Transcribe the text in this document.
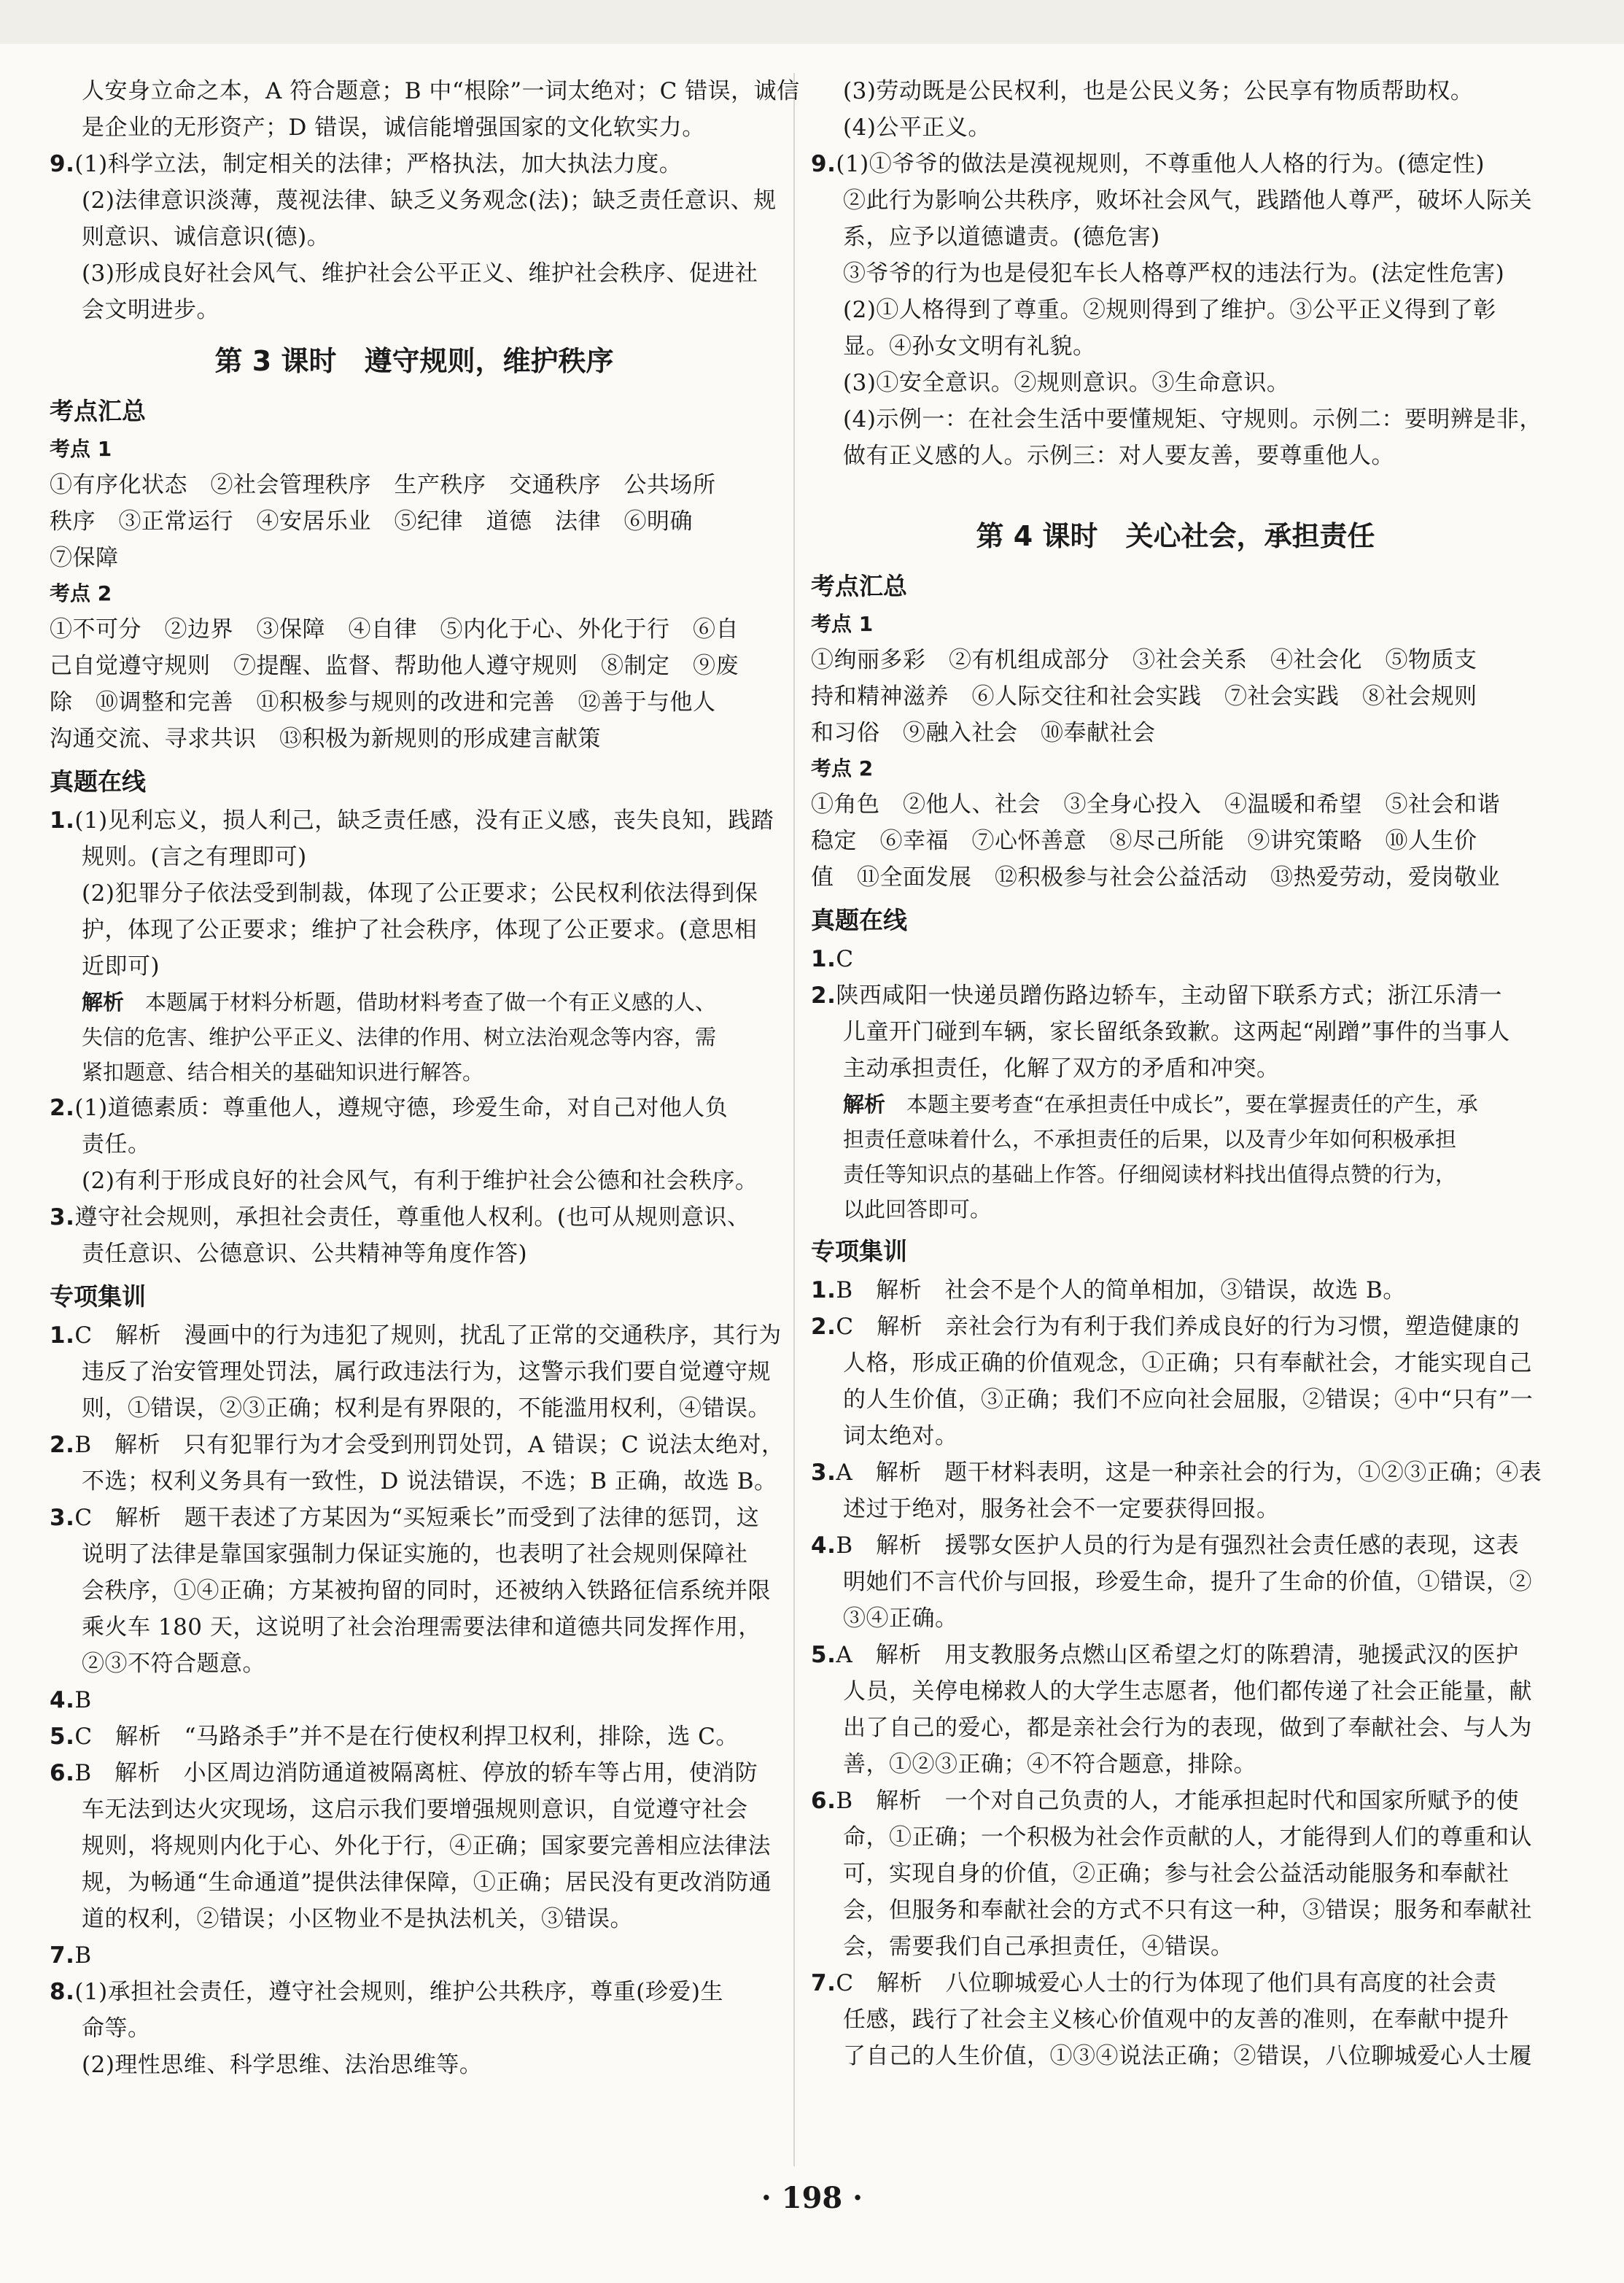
人安身立命之本，A 符合题意；B 中“根除”一词太绝对；C 错误，诚信
是企业的无形资产；D 错误，诚信能增强国家的文化软实力。
9.(1)科学立法，制定相关的法律；严格执法，加大执法力度。
(2)法律意识淡薄，蔑视法律、缺乏义务观念(法)；缺乏责任意识、规
则意识、诚信意识(德)。
(3)形成良好社会风气、维护社会公平正义、维护社会秩序、促进社
会文明进步。
第 3 课时　遵守规则，维护秩序
考点汇总
考点 1
①有序化状态　②社会管理秩序　生产秩序　交通秩序　公共场所
秩序　③正常运行　④安居乐业　⑤纪律　道德　法律　⑥明确
⑦保障
考点 2
①不可分　②边界　③保障　④自律　⑤内化于心、外化于行　⑥自
己自觉遵守规则　⑦提醒、监督、帮助他人遵守规则　⑧制定　⑨废
除　⑩调整和完善　⑪积极参与规则的改进和完善　⑫善于与他人
沟通交流、寻求共识　⑬积极为新规则的形成建言献策
真题在线
1.(1)见利忘义，损人利己，缺乏责任感，没有正义感，丧失良知，践踏
规则。(言之有理即可)
(2)犯罪分子依法受到制裁，体现了公正要求；公民权利依法得到保
护，体现了公正要求；维护了社会秩序，体现了公正要求。(意思相
近即可)
解析　 本题属于材料分析题，借助材料考查了做一个有正义感的人、
失信的危害、维护公平正义、法律的作用、树立法治观念等内容，需
紧扣题意、结合相关的基础知识进行解答。
2.(1)道德素质：尊重他人，遵规守德，珍爱生命，对自己对他人负
责任。
(2)有利于形成良好的社会风气，有利于维护社会公德和社会秩序。
3.遵守社会规则，承担社会责任，尊重他人权利。(也可从规则意识、
责任意识、公德意识、公共精神等角度作答)
专项集训
1.C　解析　漫画中的行为违犯了规则，扰乱了正常的交通秩序，其行为
违反了治安管理处罚法，属行政违法行为，这警示我们要自觉遵守规
则，①错误，②③正确；权利是有界限的，不能滥用权利，④错误。
2.B　解析　只有犯罪行为才会受到刑罚处罚，A 错误；C 说法太绝对，
不选；权利义务具有一致性，D 说法错误，不选；B 正确，故选 B。
3.C　解析　题干表述了方某因为“买短乘长”而受到了法律的惩罚，这
说明了法律是靠国家强制力保证实施的，也表明了社会规则保障社
会秩序，①④正确；方某被拘留的同时，还被纳入铁路征信系统并限
乘火车 180 天，这说明了社会治理需要法律和道德共同发挥作用，
②③不符合题意。
4.B
5.C　解析　“马路杀手”并不是在行使权利捍卫权利，排除，选 C。
6.B　解析　小区周边消防通道被隔离桩、停放的轿车等占用，使消防
车无法到达火灾现场，这启示我们要增强规则意识，自觉遵守社会
规则，将规则内化于心、外化于行，④正确；国家要完善相应法律法
规，为畅通“生命通道”提供法律保障，①正确；居民没有更改消防通
道的权利，②错误；小区物业不是执法机关，③错误。
7.B
8.(1)承担社会责任，遵守社会规则，维护公共秩序，尊重(珍爱)生
命等。
(2)理性思维、科学思维、法治思维等。
(3)劳动既是公民权利，也是公民义务；公民享有物质帮助权。
(4)公平正义。
9.(1)①爷爷的做法是漠视规则，不尊重他人人格的行为。(德定性)
②此行为影响公共秩序，败坏社会风气，践踏他人尊严，破坏人际关
系，应予以道德谴责。(德危害)
③爷爷的行为也是侵犯车长人格尊严权的违法行为。(法定性危害)
(2)①人格得到了尊重。②规则得到了维护。③公平正义得到了彰
显。④孙女文明有礼貌。
(3)①安全意识。②规则意识。③生命意识。
(4)示例一：在社会生活中要懂规矩、守规则。示例二：要明辨是非，
做有正义感的人。示例三：对人要友善，要尊重他人。
第 4 课时　关心社会，承担责任
考点汇总
考点 1
①绚丽多彩　②有机组成部分　③社会关系　④社会化　⑤物质支
持和精神滋养　⑥人际交往和社会实践　⑦社会实践　⑧社会规则
和习俗　⑨融入社会　⑩奉献社会
考点 2
①角色　②他人、社会　③全身心投入　④温暖和希望　⑤社会和谐
稳定　⑥幸福　⑦心怀善意　⑧尽己所能　⑨讲究策略　⑩人生价
值　⑪全面发展　⑫积极参与社会公益活动　⑬热爱劳动，爱岗敬业
真题在线
1.C
2.陕西咸阳一快递员蹭伤路边轿车，主动留下联系方式；浙江乐清一
儿童开门碰到车辆，家长留纸条致歉。这两起“剐蹭”事件的当事人
主动承担责任，化解了双方的矛盾和冲突。
解析　 本题主要考查“在承担责任中成长”，要在掌握责任的产生，承
担责任意味着什么，不承担责任的后果，以及青少年如何积极承担
责任等知识点的基础上作答。仔细阅读材料找出值得点赞的行为，
以此回答即可。
专项集训
1.B　解析　社会不是个人的简单相加，③错误，故选 B。
2.C　解析　亲社会行为有利于我们养成良好的行为习惯，塑造健康的
人格，形成正确的价值观念，①正确；只有奉献社会，才能实现自己
的人生价值，③正确；我们不应向社会屈服，②错误；④中“只有”一
词太绝对。
3.A　解析　题干材料表明，这是一种亲社会的行为，①②③正确；④表
述过于绝对，服务社会不一定要获得回报。
4.B　解析　援鄂女医护人员的行为是有强烈社会责任感的表现，这表
明她们不言代价与回报，珍爱生命，提升了生命的价值，①错误，②
③④正确。
5.A　解析　用支教服务点燃山区希望之灯的陈碧清，驰援武汉的医护
人员，关停电梯救人的大学生志愿者，他们都传递了社会正能量，献
出了自己的爱心，都是亲社会行为的表现，做到了奉献社会、与人为
善，①②③正确；④不符合题意，排除。
6.B　解析　一个对自己负责的人，才能承担起时代和国家所赋予的使
命，①正确；一个积极为社会作贡献的人，才能得到人们的尊重和认
可，实现自身的价值，②正确；参与社会公益活动能服务和奉献社
会，但服务和奉献社会的方式不只有这一种，③错误；服务和奉献社
会，需要我们自己承担责任，④错误。
7.C　解析　八位聊城爱心人士的行为体现了他们具有高度的社会责
任感，践行了社会主义核心价值观中的友善的准则，在奉献中提升
了自己的人生价值，①③④说法正确；②错误，八位聊城爱心人士履
· 198 ·
